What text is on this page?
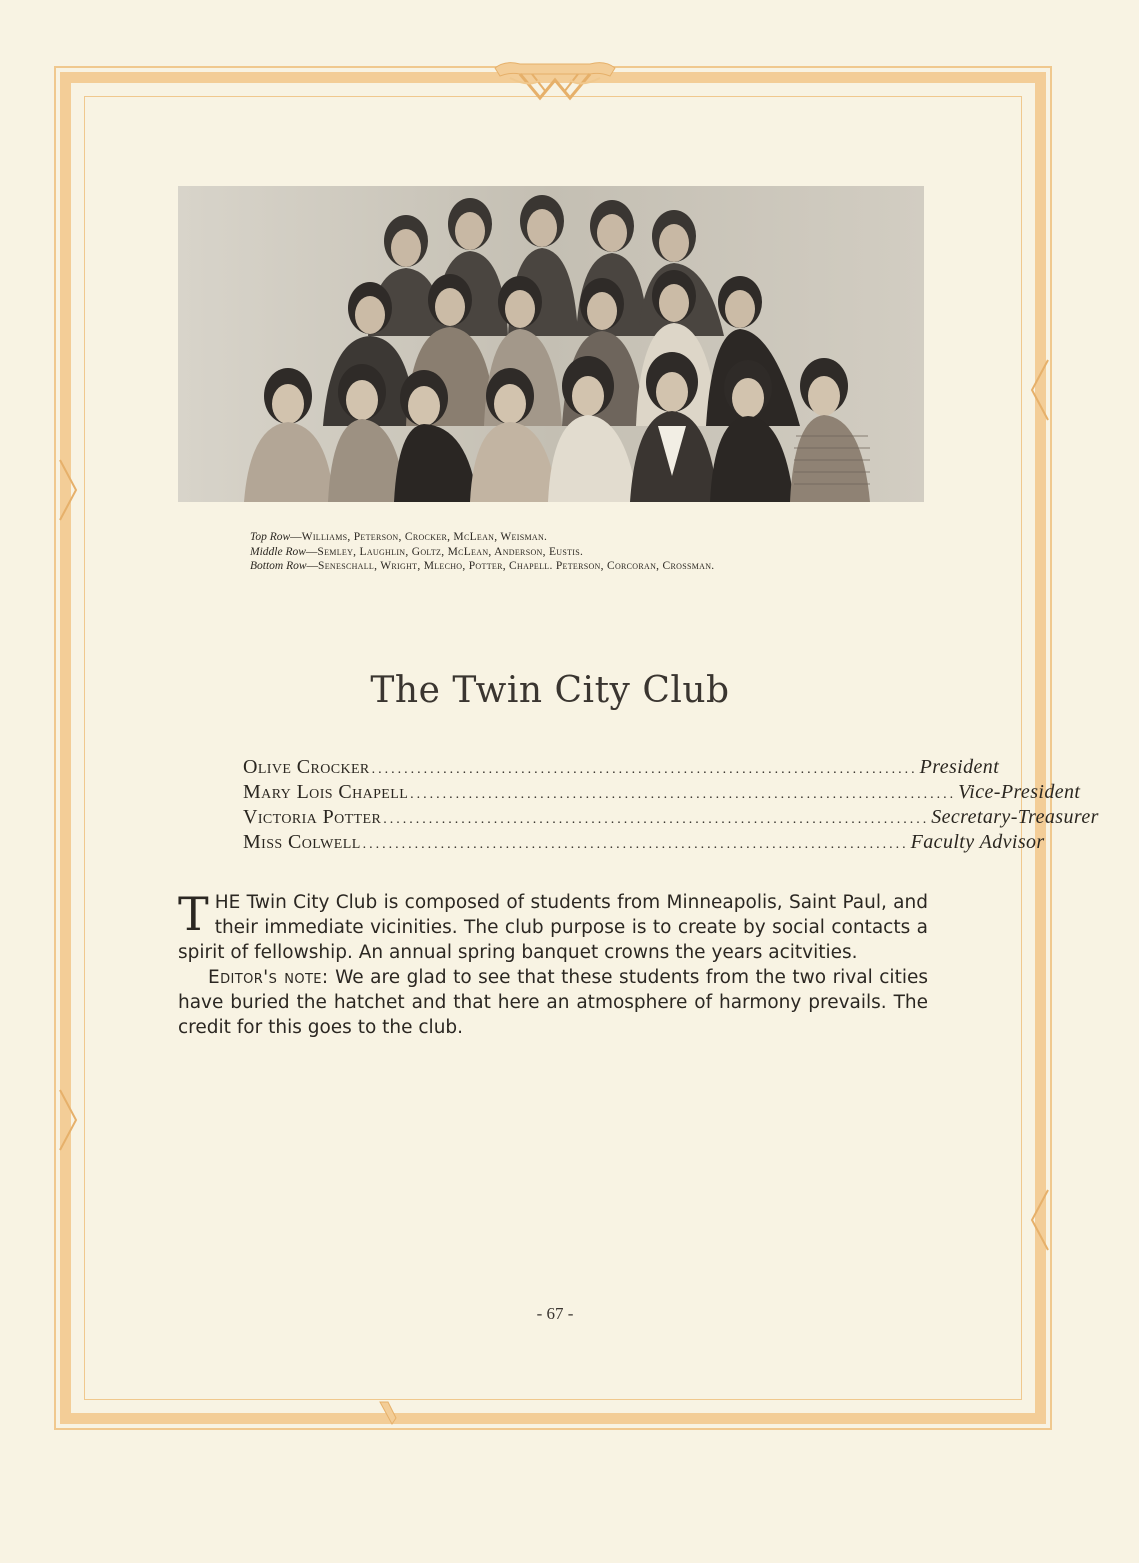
Top Row—Williams, Peterson, Crocker, McLean, Weisman.
Middle Row—Semley, Laughlin, Goltz, McLean, Anderson, Eustis.
Bottom Row—Seneschall, Wright, Mlecho, Potter, Chapell. Peterson, Corcoran, Crossman.
The Twin City Club
Olive Crocker .................................................................................... President
Mary Lois Chapell .................................................................................... Vice-President
Victoria Potter .................................................................................... Secretary-Treasurer
Miss Colwell .................................................................................... Faculty Advisor

THE Twin City Club is composed of students from Minneapolis, Saint Paul, and their immediate vicinities. The club purpose is to create by social contacts a spirit of fellowship. An annual spring banquet crowns the years acitvities.

Editor's note: We are glad to see that these students from the two rival cities have buried the hatchet and that here an atmosphere of harmony prevails. The credit for this goes to the club.

- 67 -
